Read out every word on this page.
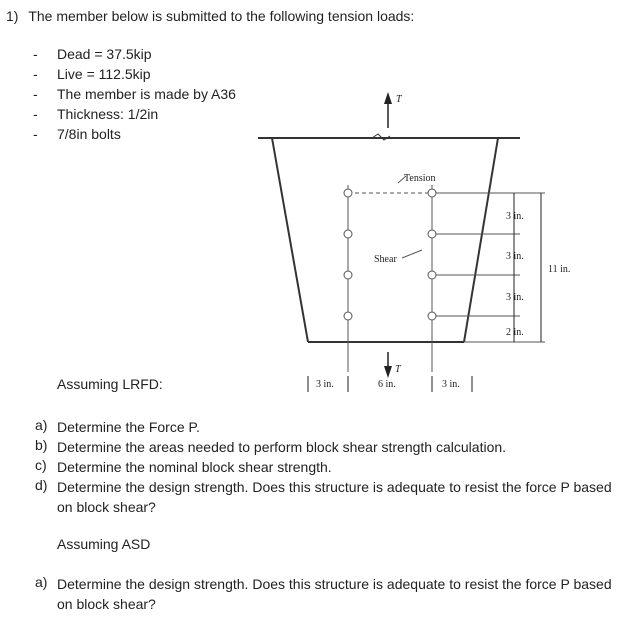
1) The member below is submitted to the following tension loads:
- Dead = 37.5kip
- Live = 112.5kip
- The member is made by A36
- Thickness: 1/2in
- 7/8in bolts
T
Tension
Shear
3 in.
3 in.
3 in.
2 in.
11 in.
T
3 in.	6 in.	3 in.
Assuming LRFD:
a) Determine the Force P.
b) Determine the areas needed to perform block shear strength calculation.
c) Determine the nominal block shear strength.
d) Determine the design strength. Does this structure is adequate to resist the force P based on block shear?
Assuming ASD
a) Determine the design strength. Does this structure is adequate to resist the force P based on block shear?
